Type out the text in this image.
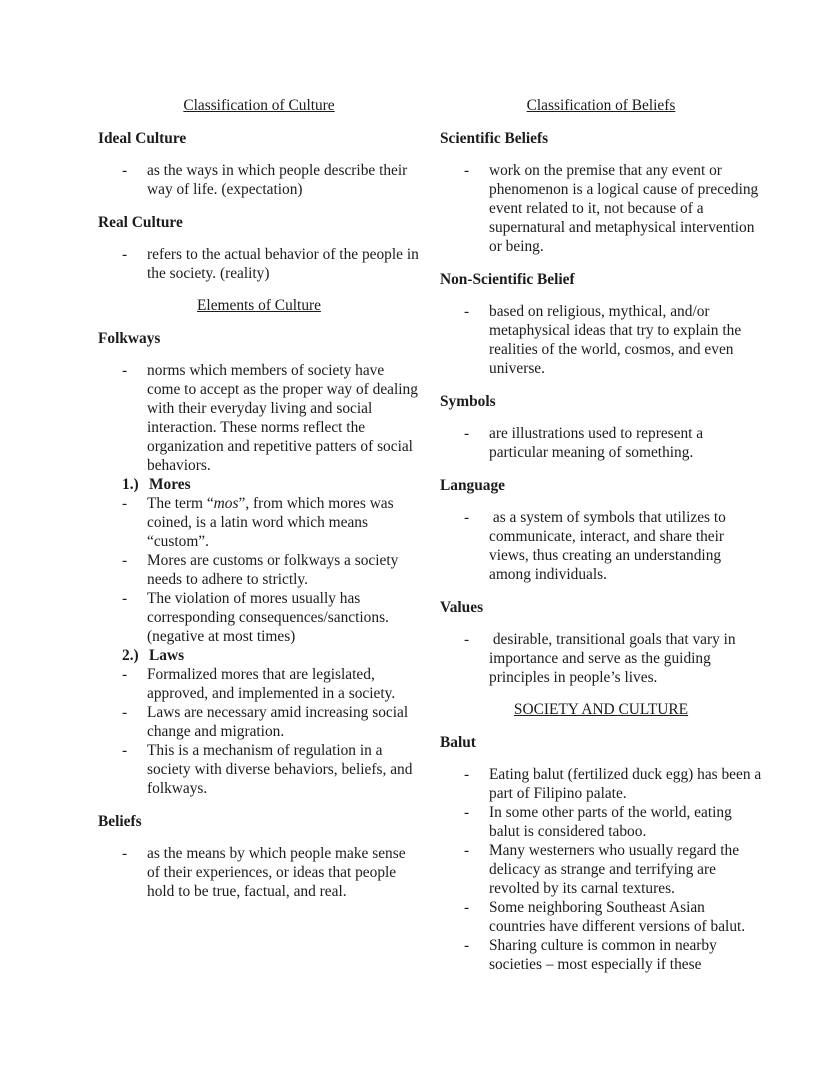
Classification of Culture
Ideal Culture
-	as the ways in which people describe their way of life. (expectation)
Real Culture
-	refers to the actual behavior of the people in the society. (reality)
Elements of Culture
Folkways
-	norms which members of society have come to accept as the proper way of dealing with their everyday living and social interaction. These norms reflect the organization and repetitive patters of social behaviors.
1.) Mores
-	The term “mos”, from which mores was coined, is a latin word which means “custom”.
-	Mores are customs or folkways a society needs to adhere to strictly.
-	The violation of mores usually has corresponding consequences/sanctions. (negative at most times)
2.) Laws
-	Formalized mores that are legislated, approved, and implemented in a society.
-	Laws are necessary amid increasing social change and migration.
-	This is a mechanism of regulation in a society with diverse behaviors, beliefs, and folkways.
Beliefs
-	as the means by which people make sense of their experiences, or ideas that people hold to be true, factual, and real.
Classification of Beliefs
Scientific Beliefs
-	work on the premise that any event or phenomenon is a logical cause of preceding event related to it, not because of a supernatural and metaphysical intervention or being.
Non-Scientific Belief
-	based on religious, mythical, and/or metaphysical ideas that try to explain the realities of the world, cosmos, and even universe.
Symbols
-	are illustrations used to represent a particular meaning of something.
Language
-	as a system of symbols that utilizes to communicate, interact, and share their views, thus creating an understanding among individuals.
Values
-	desirable, transitional goals that vary in importance and serve as the guiding principles in people’s lives.
SOCIETY AND CULTURE
Balut
-	Eating balut (fertilized duck egg) has been a part of Filipino palate.
-	In some other parts of the world, eating balut is considered taboo.
-	Many westerners who usually regard the delicacy as strange and terrifying are revolted by its carnal textures.
-	Some neighboring Southeast Asian countries have different versions of balut.
-	Sharing culture is common in nearby societies – most especially if these
